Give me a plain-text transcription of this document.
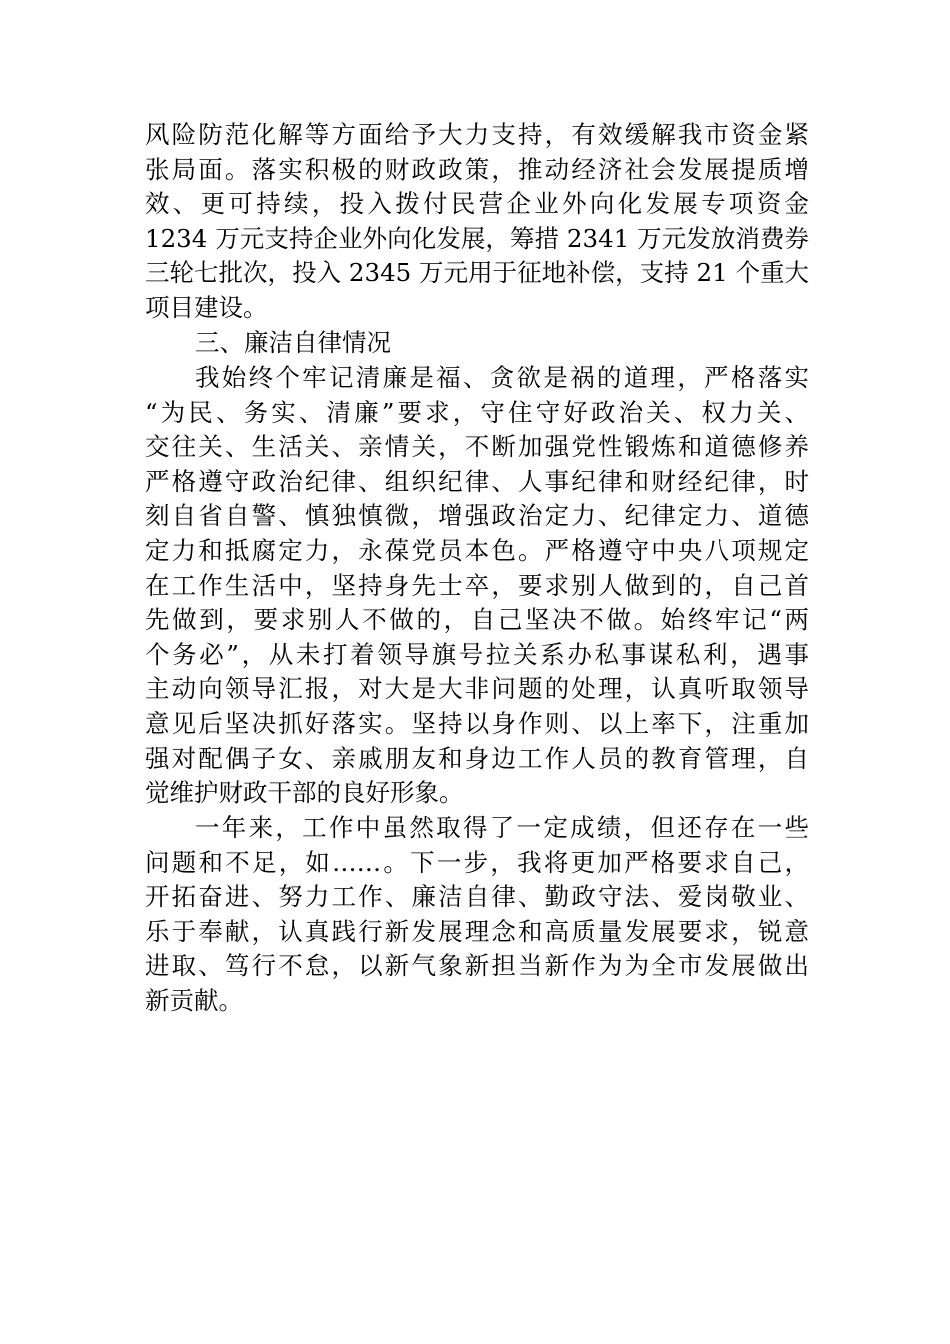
风险防范化解等方面给予大力支持，有效缓解我市资金紧
张局面。落实积极的财政政策，推动经济社会发展提质增
效、更可持续，投入拨付民营企业外向化发展专项资金
1234 万元支持企业外向化发展，筹措 2341 万元发放消费券
三轮七批次，投入 2345 万元用于征地补偿，支持 21 个重大
项目建设。
三、廉洁自律情况
我始终个牢记清廉是福、贪欲是祸的道理，严格落实
“为民、务实、清廉”要求，守住守好政治关、权力关、
交往关、生活关、亲情关，不断加强党性锻炼和道德修养
严格遵守政治纪律、组织纪律、人事纪律和财经纪律，时
刻自省自警、慎独慎微，增强政治定力、纪律定力、道德
定力和抵腐定力，永葆党员本色。严格遵守中央八项规定
在工作生活中，坚持身先士卒，要求别人做到的，自己首
先做到，要求别人不做的，自己坚决不做。始终牢记“两
个务必”，从未打着领导旗号拉关系办私事谋私利，遇事
主动向领导汇报，对大是大非问题的处理，认真听取领导
意见后坚决抓好落实。坚持以身作则、以上率下，注重加
强对配偶子女、亲戚朋友和身边工作人员的教育管理，自
觉维护财政干部的良好形象。
一年来，工作中虽然取得了一定成绩，但还存在一些
问题和不足，如……。下一步，我将更加严格要求自己，
开拓奋进、努力工作、廉洁自律、勤政守法、爱岗敬业、
乐于奉献，认真践行新发展理念和高质量发展要求，锐意
进取、笃行不怠，以新气象新担当新作为为全市发展做出
新贡献。
